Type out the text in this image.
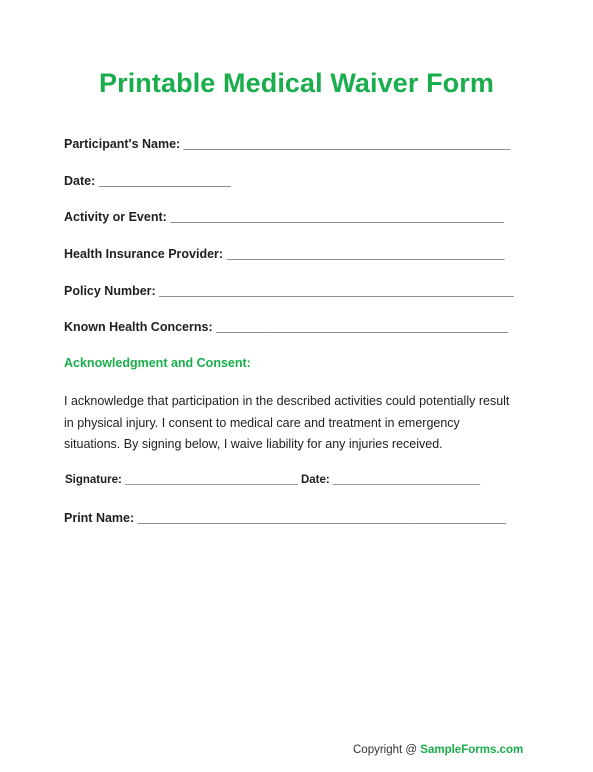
Printable Medical Waiver Form
Participant's Name: _______________________________________________
Date: ___________________
Activity or Event: ________________________________________________
Health Insurance Provider: ________________________________________
Policy Number: ___________________________________________________
Known Health Concerns: __________________________________________
Acknowledgment and Consent:

I acknowledge that participation in the described activities could potentially result

in physical injury. I consent to medical care and treatment in emergency

situations. By signing below, I waive liability for any injuries received.

Signature: ___________________________ Date: _______________________
Print Name: _____________________________________________________
Copyright @ SampleForms.com
